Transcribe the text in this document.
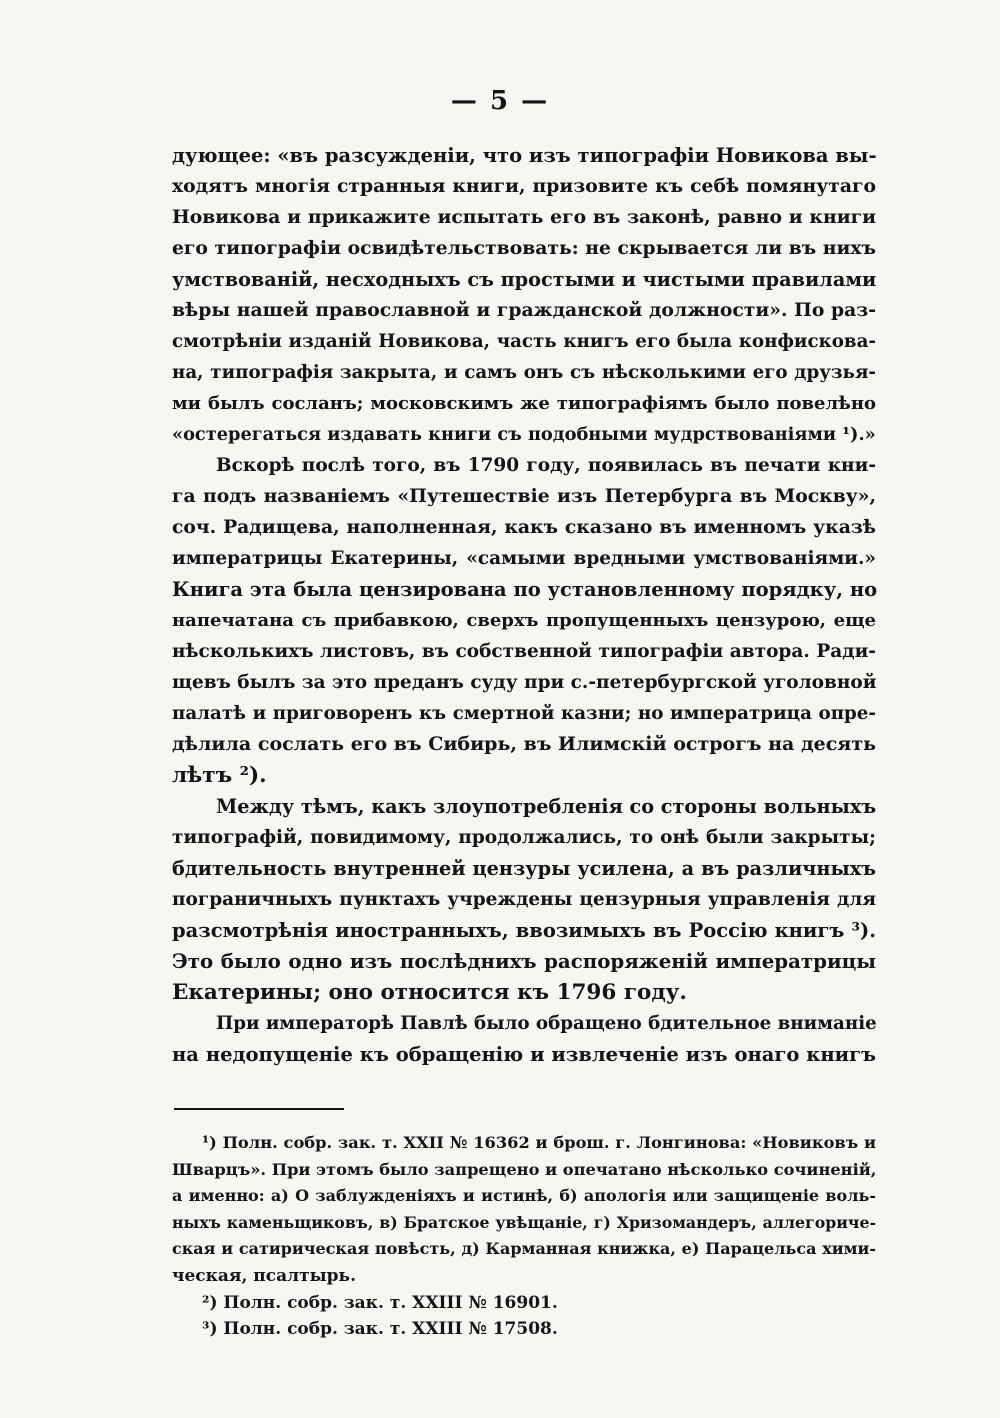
— 5 —
дующее: «въ разсужденіи, что изъ типографіи Новикова вы-
ходятъ многія странныя книги, призовите къ себѣ помянутаго
Новикова и прикажите испытать его въ законѣ, равно и книги
его типографіи освидѣтельствовать: не скрывается ли въ нихъ
умствованій, несходныхъ съ простыми и чистыми правилами
вѣры нашей православной и гражданской должности». По раз-
смотрѣніи изданій Новикова, часть книгъ его была конфискова-
на, типографія закрыта, и самъ онъ съ нѣсколькими его друзья-
ми былъ сосланъ; московскимъ же типографіямъ было повелѣно
«остерегаться издавать книги съ подобными мудрствованіями ¹).»
Вскорѣ послѣ того, въ 1790 году, появилась въ печати кни-
га подъ названіемъ «Путешествіе изъ Петербурга въ Москву»,
соч. Радищева, наполненная, какъ сказано въ именномъ указѣ
императрицы Екатерины, «самыми вредными умствованіями.»
Книга эта была цензирована по установленному порядку, но
напечатана съ прибавкою, сверхъ пропущенныхъ цензурою, еще
нѣсколькихъ листовъ, въ собственной типографіи автора. Ради-
щевъ былъ за это преданъ суду при с.-петербургской уголовной
палатѣ и приговоренъ къ смертной казни; но императрица опре-
дѣлила сослать его въ Сибирь, въ Илимскій острогъ на десять
лѣтъ ²).
Между тѣмъ, какъ злоупотребленія со стороны вольныхъ
типографій, повидимому, продолжались, то онѣ были закрыты;
бдительность внутренней цензуры усилена, а въ различныхъ
пограничныхъ пунктахъ учреждены цензурныя управленія для
разсмотрѣнія иностранныхъ, ввозимыхъ въ Россію книгъ ³).
Это было одно изъ послѣднихъ распоряженій императрицы
Екатерины; оно относится къ 1796 году.
При императорѣ Павлѣ было обращено бдительное вниманіе
на недопущеніе къ обращенію и извлеченіе изъ онаго книгъ
¹) Полн. собр. зак. т. XXII № 16362 и брош. г. Лонгинова: «Новиковъ и
Шварцъ». При этомъ было запрещено и опечатано нѣсколько сочиненій,
а именно: а) О заблужденіяхъ и истинѣ, б) апологія или защищеніе воль-
ныхъ каменьщиковъ, в) Братское увѣщаніе, г) Хризомандеръ, аллегориче-
ская и сатирическая повѣсть, д) Карманная книжка, е) Парацельса хими-
ческая, псалтырь.
²) Полн. собр. зак. т. XXIII № 16901.
³) Полн. собр. зак. т. XXIII № 17508.
